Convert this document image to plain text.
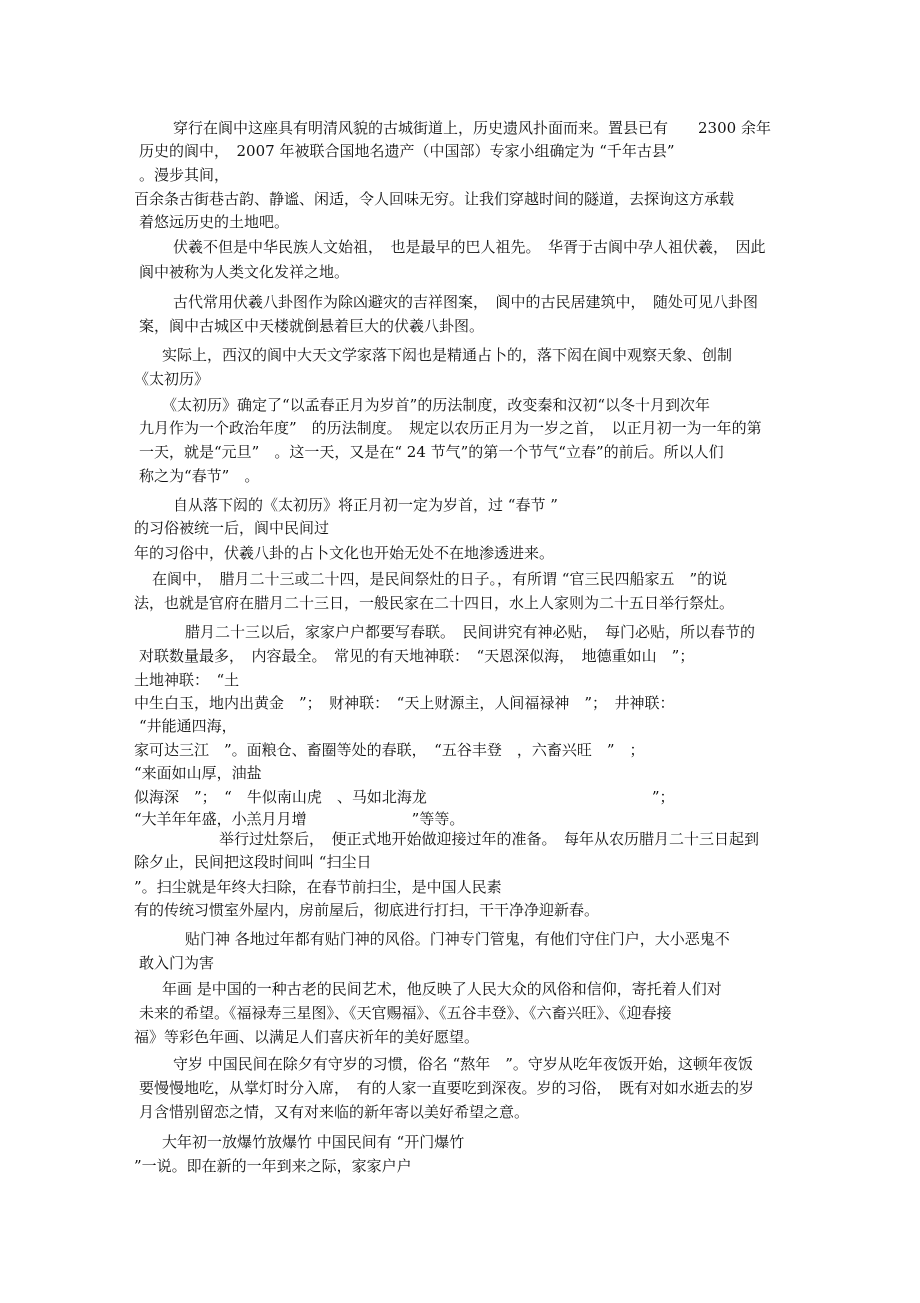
穿行在阆中这座具有明清风貌的古城街道上，历史遗风扑面而来。置县已有　　2300 余年
历史的阆中，　2007 年被联合国地名遗产（中国部）专家小组确定为 “千年古县”
。漫步其间，
百余条古街巷古韵、静谧、闲适，令人回味无穷。让我们穿越时间的隧道，去探询这方承载
着悠远历史的土地吧。
伏羲不但是中华民族人文始祖，　也是最早的巴人祖先。　华胥于古阆中孕人祖伏羲，　因此
阆中被称为人类文化发祥之地。
古代常用伏羲八卦图作为除凶避灾的吉祥图案，　阆中的古民居建筑中，　随处可见八卦图
案，阆中古城区中天楼就倒悬着巨大的伏羲八卦图。
实际上，西汉的阆中大天文学家落下闳也是精通占卜的，落下闳在阆中观察天象、创制
《太初历》
《太初历》确定了“以孟春正月为岁首”的历法制度，改变秦和汉初“以冬十月到次年
九月作为一个政治年度”　的历法制度。　规定以农历正月为一岁之首，　以正月初一为一年的第
一天，就是“元旦”　。这一天，又是在“ 24 节气”的第一个节气“立春”的前后。所以人们
称之为“春节”　。
自从落下闳的《太初历》将正月初一定为岁首，过 “春节 ”
的习俗被统一后，阆中民间过
年的习俗中，伏羲八卦的占卜文化也开始无处不在地渗透进来。
在阆中，　腊月二十三或二十四，是民间祭灶的日子。，有所谓 “官三民四船家五　”的说
法，也就是官府在腊月二十三日，一般民家在二十四日，水上人家则为二十五日举行祭灶。
腊月二十三以后，家家户户都要写春联。　民间讲究有神必贴，　每门必贴，所以春节的
对联数量最多，　内容最全。　常见的有天地神联：　“天恩深似海，　地德重如山　”；
土地神联：　“土
中生白玉，地内出黄金　”；　财神联：　“天上财源主，人间福禄神　”；　井神联：
“井能通四海，
家可达三江　”。面粮仓、畜圈等处的春联，　“五谷丰登　，六畜兴旺　”　；
“来面如山厚，油盐
似海深　”；　“　牛似南山虎　、马如北海龙　　　　　　　　　　　　　　　”；
“大羊年年盛，小羔月月增　　　　　　　”等等。
举行过灶祭后，　便正式地开始做迎接过年的准备。　每年从农历腊月二十三日起到
除夕止，民间把这段时间叫 “扫尘日
”。扫尘就是年终大扫除，在春节前扫尘，是中国人民素
有的传统习惯室外屋内，房前屋后，彻底进行打扫，干干净净迎新春。
贴门神 各地过年都有贴门神的风俗。门神专门管鬼，有他们守住门户，大小恶鬼不
敢入门为害
年画 是中国的一种古老的民间艺术，他反映了人民大众的风俗和信仰，寄托着人们对
未来的希望。《福禄寿三星图》、《天官赐福》、《五谷丰登》、《六畜兴旺》、《迎春接
福》等彩色年画、以满足人们喜庆祈年的美好愿望。
守岁 中国民间在除夕有守岁的习惯，俗名 “熬年　”。守岁从吃年夜饭开始，这顿年夜饭
要慢慢地吃，从掌灯时分入席，　有的人家一直要吃到深夜。岁的习俗，　既有对如水逝去的岁
月含惜别留恋之情，又有对来临的新年寄以美好希望之意。
大年初一放爆竹放爆竹 中国民间有 “开门爆竹
”一说。即在新的一年到来之际，家家户户
